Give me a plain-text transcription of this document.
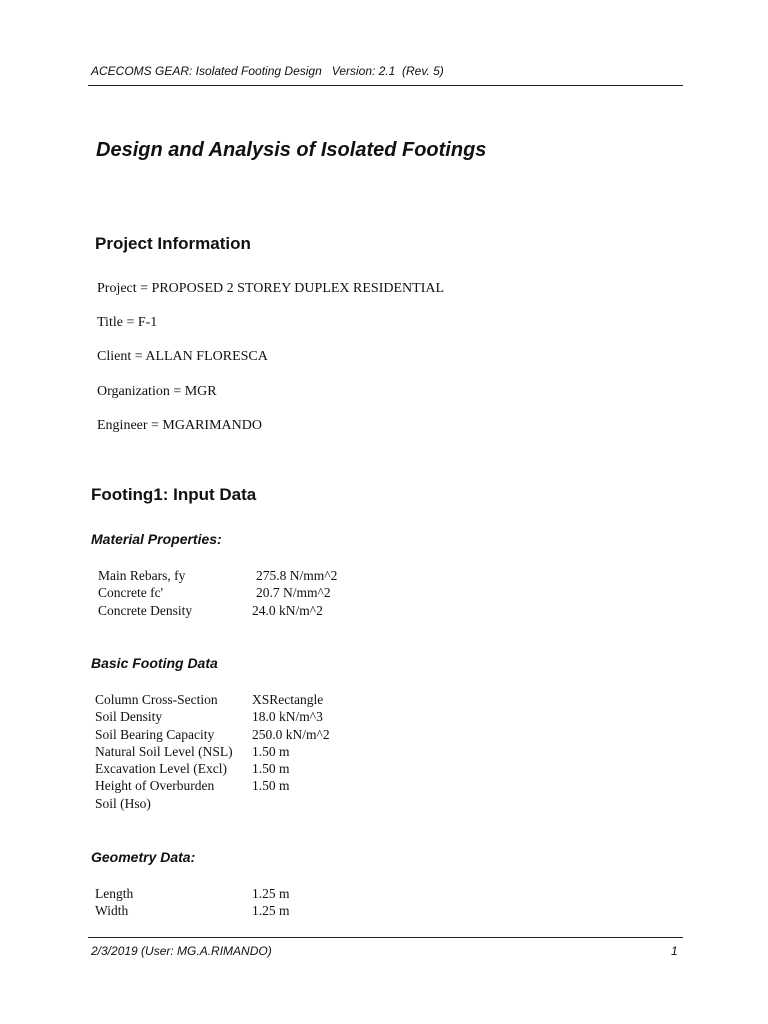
ACECOMS GEAR: Isolated Footing Design   Version: 2.1  (Rev. 5)
Design and Analysis of Isolated Footings
Project Information
Project = PROPOSED 2 STOREY DUPLEX RESIDENTIAL
Title = F-1
Client = ALLAN FLORESCA
Organization = MGR
Engineer = MGARIMANDO
Footing1: Input Data
Material Properties:
Main Rebars, fy	275.8 N/mm^2
Concrete fc'	20.7 N/mm^2
Concrete Density	24.0 kN/m^2
Basic Footing Data
Column Cross-Section	XSRectangle
Soil Density	18.0 kN/m^3
Soil Bearing Capacity	250.0 kN/m^2
Natural Soil Level (NSL) 1.50 m
Excavation Level (Excl) 1.50 m
Height of Overburden	1.50 m
Soil (Hso)
Geometry Data:
Length	1.25 m
Width	1.25 m
2/3/2019 (User: MG.A.RIMANDO)	1
